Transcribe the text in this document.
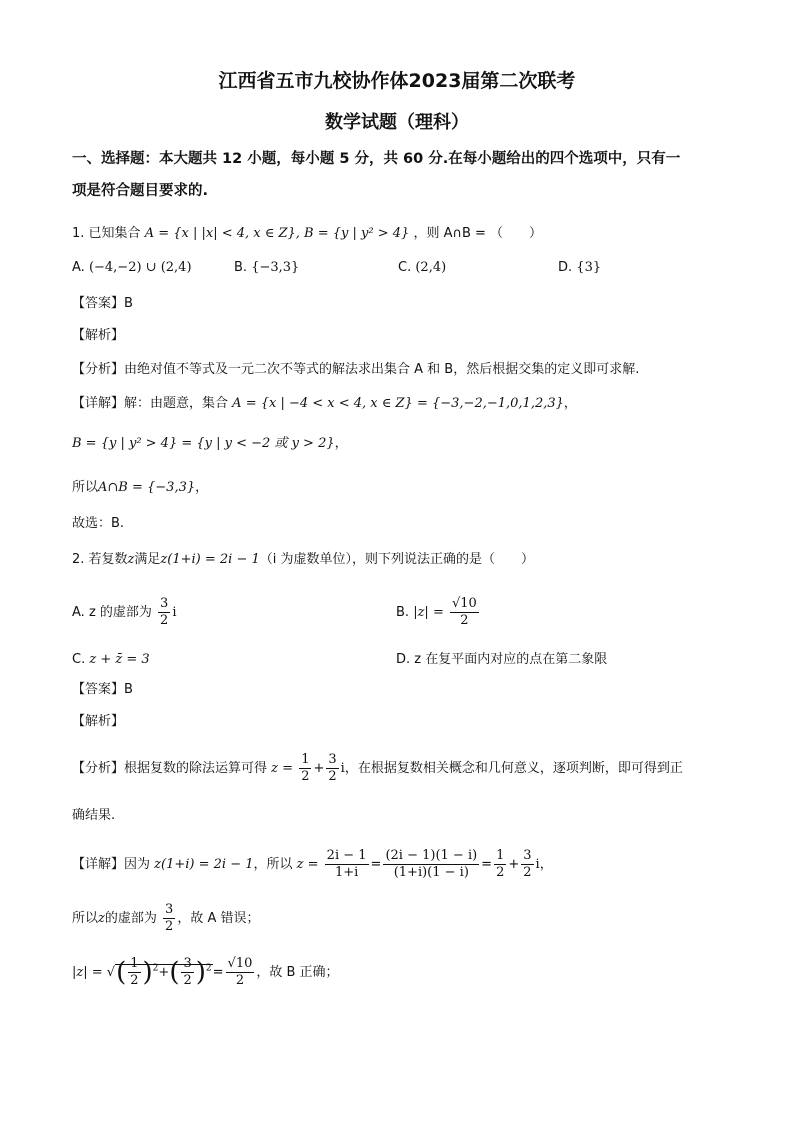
江西省五市九校协作体2023届第二次联考
数学试题（理科）
一、选择题：本大题共 12 小题，每小题 5 分，共 60 分.在每小题给出的四个选项中，只有一
项是符合题目要求的.
1. 已知集合 A = {x | |x| < 4, x ∈ Z}, B = {y | y² > 4} ，则 A∩B = （　　）
A. (−4,−2) ∪ (2,4)	B. {−3,3}	C. (2,4)	D. {3}
【答案】B
【解析】
【分析】由绝对值不等式及一元二次不等式的解法求出集合 A 和 B，然后根据交集的定义即可求解.
【详解】解：由题意，集合 A = {x | −4 < x < 4, x ∈ Z} = {−3,−2,−1,0,1,2,3}，
B = {y | y² > 4} = {y | y < −2 或 y > 2}，
所以A∩B = {−3,3}，
故选：B.
2. 若复数z满足z(1+i) = 2i − 1（i 为虚数单位），则下列说法正确的是（　　）
A. z 的虚部为 $\frac{3}{2}$ i	B. $|z| = \frac{√10}{2}$
C. z + z̄ = 3	D. z 在复平面内对应的点在第二象限
【答案】B
【解析】
【分析】根据复数的除法运算可得 $z = \frac{1}{2} + \frac{3}{2}$ i，在根据复数相关概念和几何意义，逐项判断，即可得到正
确结果.
【详解】因为 z(1+i) = 2i − 1，所以 $z = \frac{2i - 1}{1+i} = \frac{(2i - 1)(1 - i)}{(1+i)(1 - i)} = \frac{1}{2} + \frac{3}{2}$ i，
所以z的虚部为 $\frac{3}{2}$ ，故 A 错误；
|z| = √( $\frac{1}{2} )^2+( \frac{3}{2} )^2= \frac{√10}{2}$ ，故 B 正确；
